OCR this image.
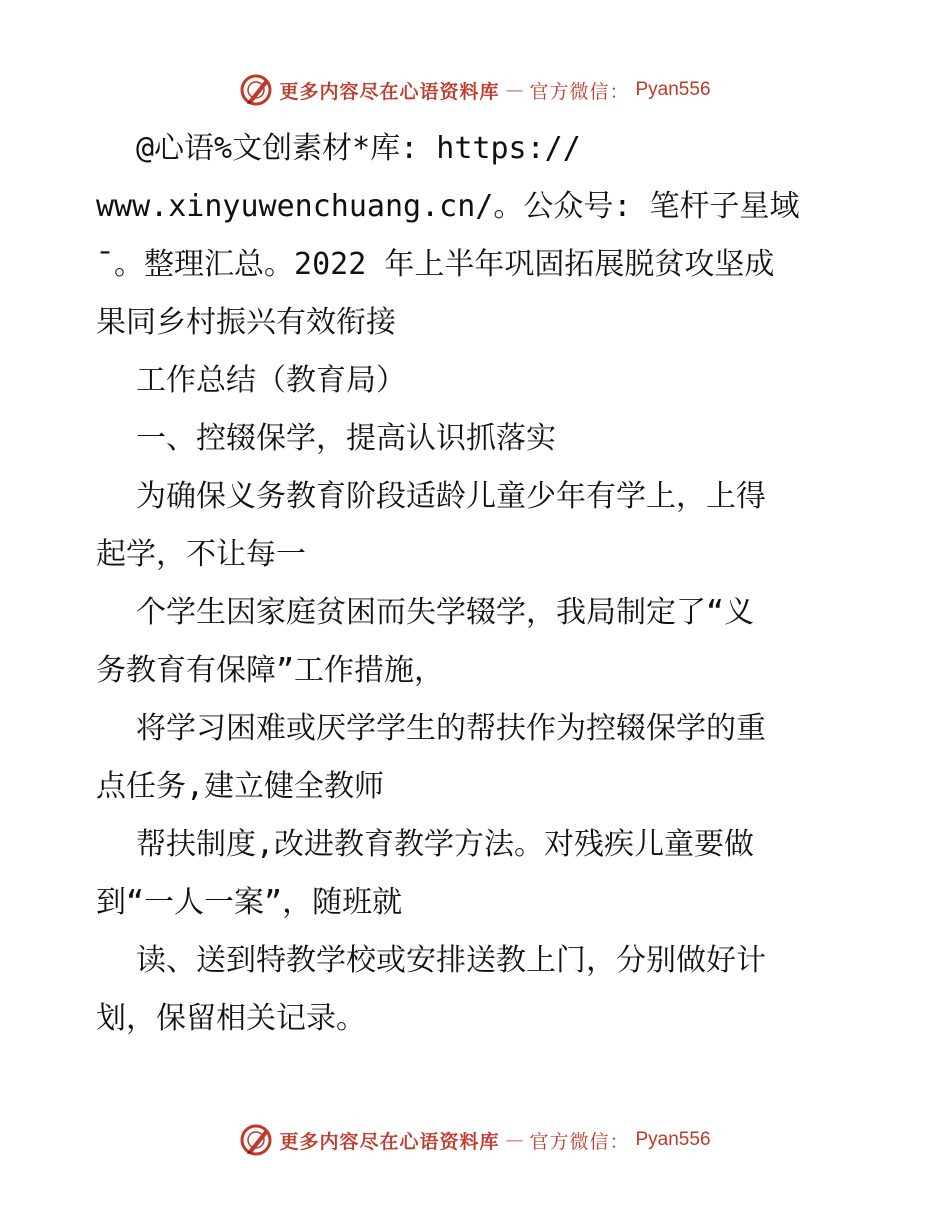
更多内容尽在心语资料库 — 官方微信： Pyan556
@心语%文创素材*库: https://
www.xinyuwenchuang.cn/。公众号: 笔杆子星域
¯。整理汇总。2022 年上半年巩固拓展脱贫攻坚成
果同乡村振兴有效衔接
工作总结（教育局）
一、控辍保学，提高认识抓落实
为确保义务教育阶段适龄儿童少年有学上，上得
起学，不让每一
个学生因家庭贫困而失学辍学，我局制定了“义
务教育有保障”工作措施，
将学习困难或厌学学生的帮扶作为控辍保学的重
点任务,建立健全教师
帮扶制度,改进教育教学方法。对残疾儿童要做
到“一人一案”，随班就
读、送到特教学校或安排送教上门，分别做好计
划，保留相关记录。
更多内容尽在心语资料库 — 官方微信： Pyan556
